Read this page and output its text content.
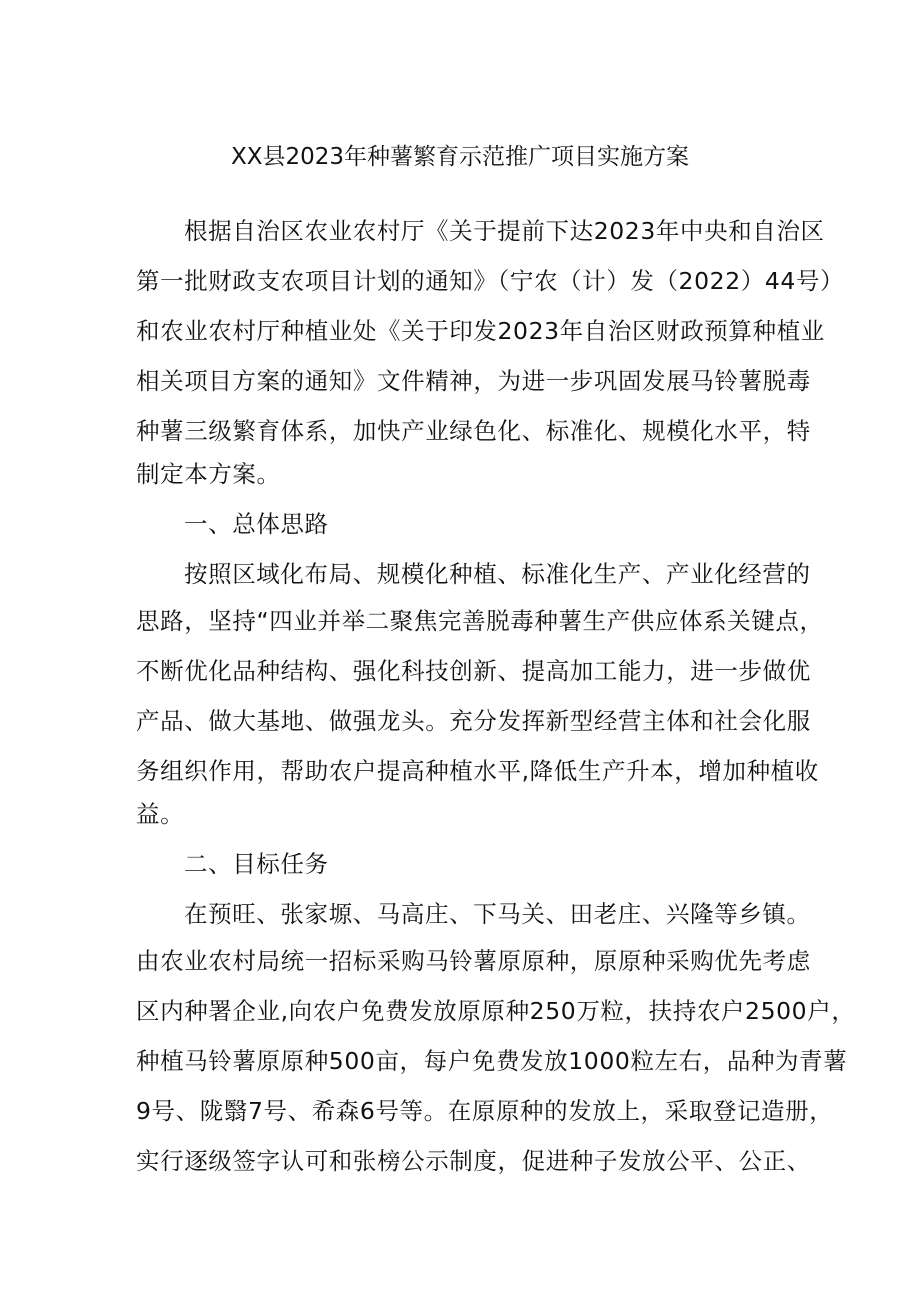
XX县2023年种薯繁育示范推广项目实施方案
根据自治区农业农村厅《关于提前下达2023年中央和自治区
第一批财政支农项目计划的通知》（宁农（计）发（2022）44号）
和农业农村厅种植业处《关于印发2023年自治区财政预算种植业
相关项目方案的通知》文件精神，为进一步巩固发展马铃薯脱毒
种薯三级繁育体系，加快产业绿色化、标准化、规模化水平，特
制定本方案。
一、总体思路
按照区域化布局、规模化种植、标准化生产、产业化经营的
思路，坚持“四业并举二聚焦完善脱毒种薯生产供应体系关键点，
不断优化品种结构、强化科技创新、提高加工能力，进一步做优
产品、做大基地、做强龙头。充分发挥新型经营主体和社会化服
务组织作用，帮助农户提高种植水平,降低生产升本，增加种植收
益。
二、目标任务
在预旺、张家塬、马高庄、下马关、田老庄、兴隆等乡镇。
由农业农村局统一招标采购马铃薯原原种，原原种采购优先考虑
区内种署企业,向农户免费发放原原种250万粒，扶持农户2500户，
种植马铃薯原原种500亩，每户免费发放1000粒左右，品种为青薯
9号、陇翳7号、希森6号等。在原原种的发放上，采取登记造册，
实行逐级签字认可和张榜公示制度，促进种子发放公平、公正、
